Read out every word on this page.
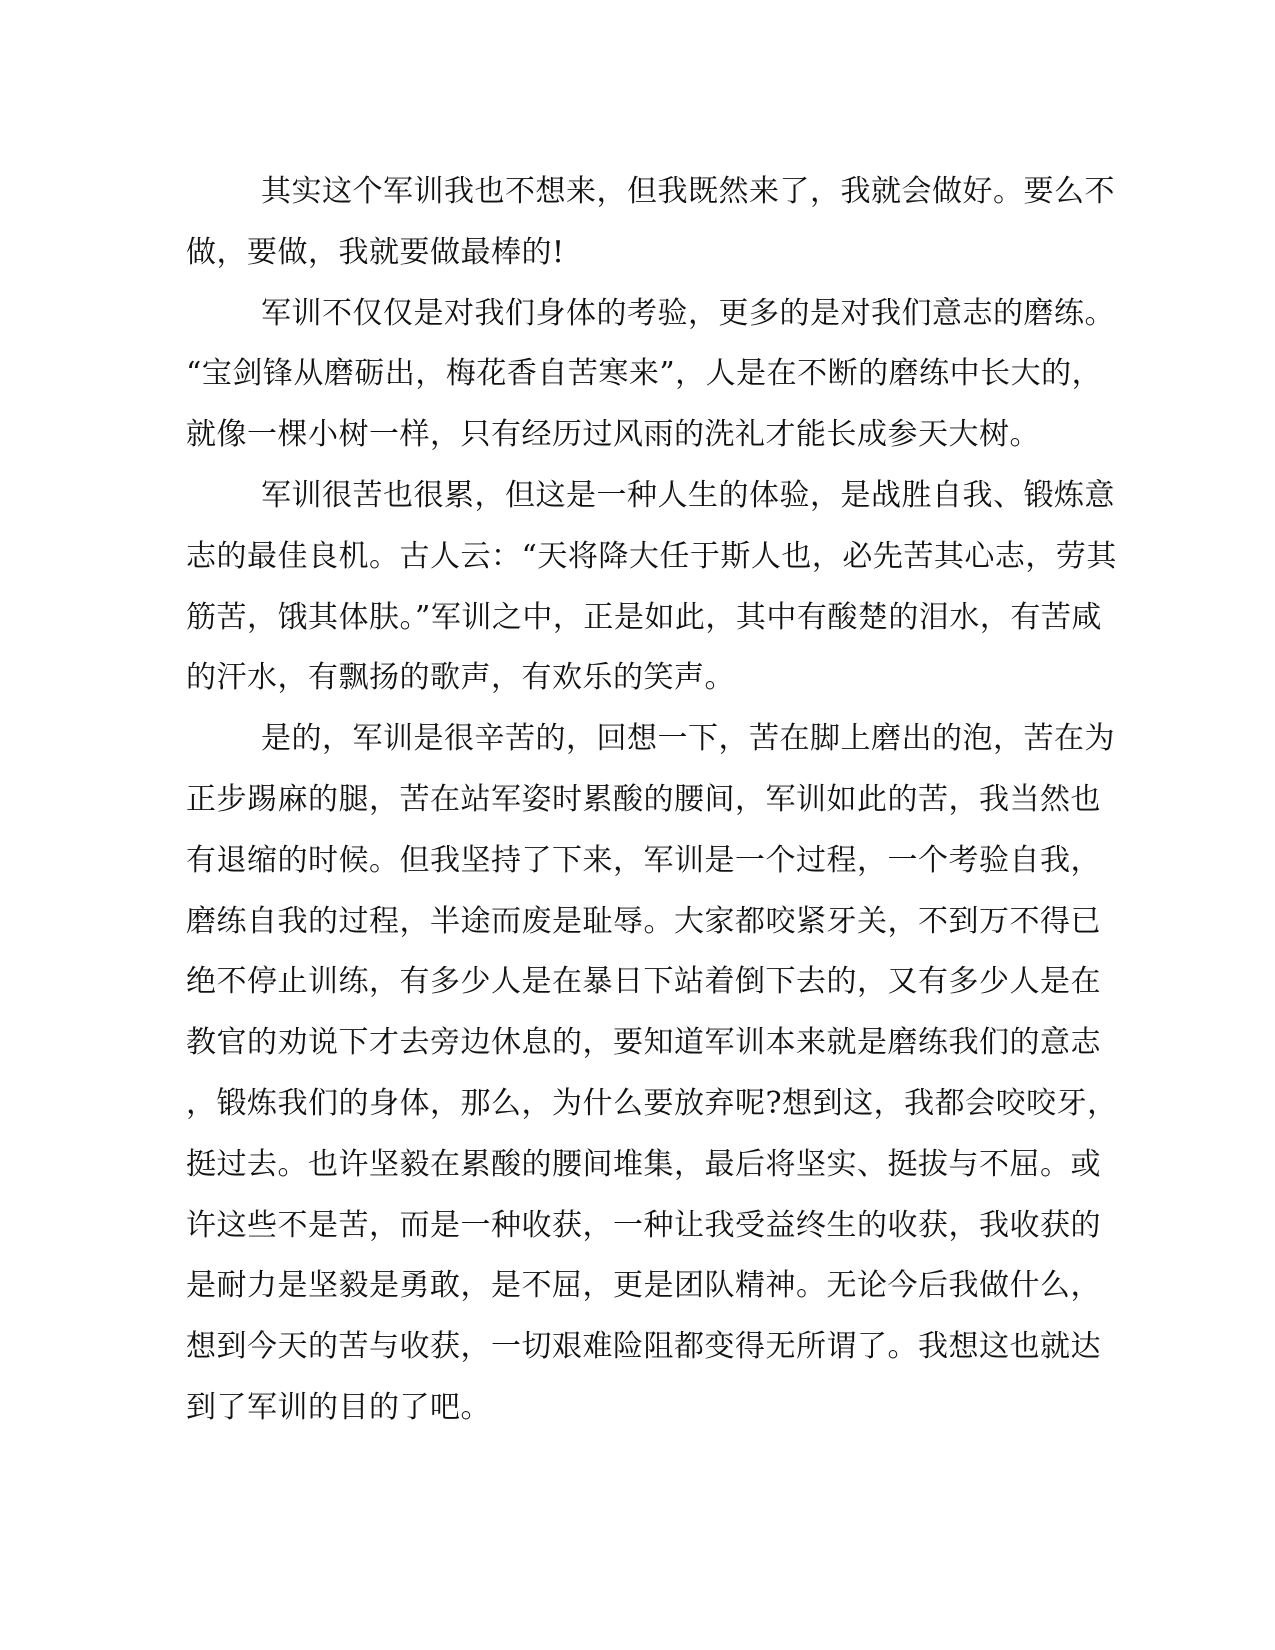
其实这个军训我也不想来，但我既然来了，我就会做好。要么不
做，要做，我就要做最棒的!
军训不仅仅是对我们身体的考验，更多的是对我们意志的磨练。
“宝剑锋从磨砺出，梅花香自苦寒来”，人是在不断的磨练中长大的，
就像一棵小树一样，只有经历过风雨的洗礼才能长成参天大树。
军训很苦也很累，但这是一种人生的体验，是战胜自我、锻炼意
志的最佳良机。古人云：“天将降大任于斯人也，必先苦其心志，劳其
筋苦，饿其体肤。”军训之中，正是如此，其中有酸楚的泪水，有苦咸
的汗水，有飘扬的歌声，有欢乐的笑声。
是的，军训是很辛苦的，回想一下，苦在脚上磨出的泡，苦在为
正步踢麻的腿，苦在站军姿时累酸的腰间，军训如此的苦，我当然也
有退缩的时候。但我坚持了下来，军训是一个过程，一个考验自我，
磨练自我的过程，半途而废是耻辱。大家都咬紧牙关，不到万不得已
绝不停止训练，有多少人是在暴日下站着倒下去的，又有多少人是在
教官的劝说下才去旁边休息的，要知道军训本来就是磨练我们的意志
，锻炼我们的身体，那么，为什么要放弃呢?想到这，我都会咬咬牙，
挺过去。也许坚毅在累酸的腰间堆集，最后将坚实、挺拔与不屈。或
许这些不是苦，而是一种收获，一种让我受益终生的收获，我收获的
是耐力是坚毅是勇敢，是不屈，更是团队精神。无论今后我做什么，
想到今天的苦与收获，一切艰难险阻都变得无所谓了。我想这也就达
到了军训的目的了吧。
